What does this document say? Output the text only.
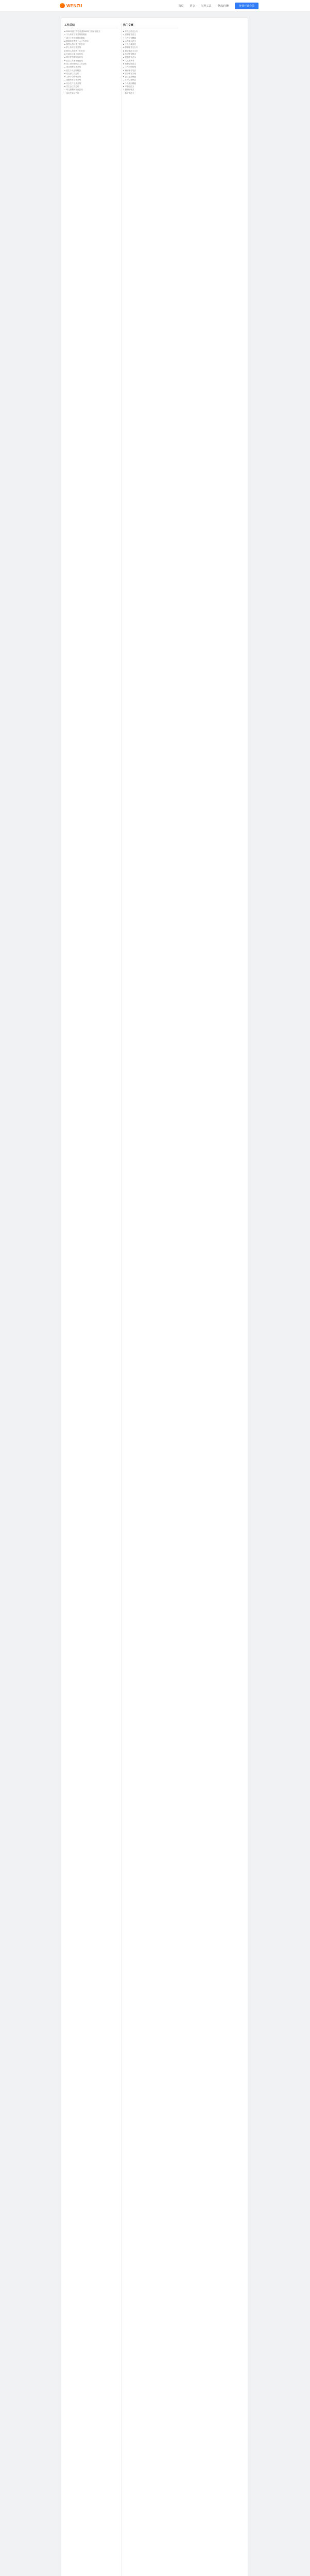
WENZU	首页 范文 写作工具 登录/注册	免费开通会员
工作总结
2022年度工作总结及2023年工作计划范文
个人年度工作总结简短版
部门工作总结报告模板
教师年度考核个人工作总结
销售人员月度工作总结
护士年终工作总结
财务人员年终工作总结
行政办公室工作总结
班主任学期工作总结
社区工作者年度总结
员工试用期转正工作总结
项目经理工作总结
医生个人述职报告
党支部工作总结
人事专员年终总结
客服年度工作总结
安全生产工作总结
学生会工作总结
幼儿园教师工作总结
实习生实习总结
热门文章
年终总结怎么写
述职报告范文
工作计划模板
心得体会范文
个人自我鉴定
辞职报告怎么写
演讲稿范文大全
实习报告格式
述职报告开头
入党申请书
思想汇报范文
工作总结结尾
调研报告写法
活动策划方案
会议纪要模板
学习心得体会
个人简历模板
求职信范文
感谢信格式
检讨书范文
